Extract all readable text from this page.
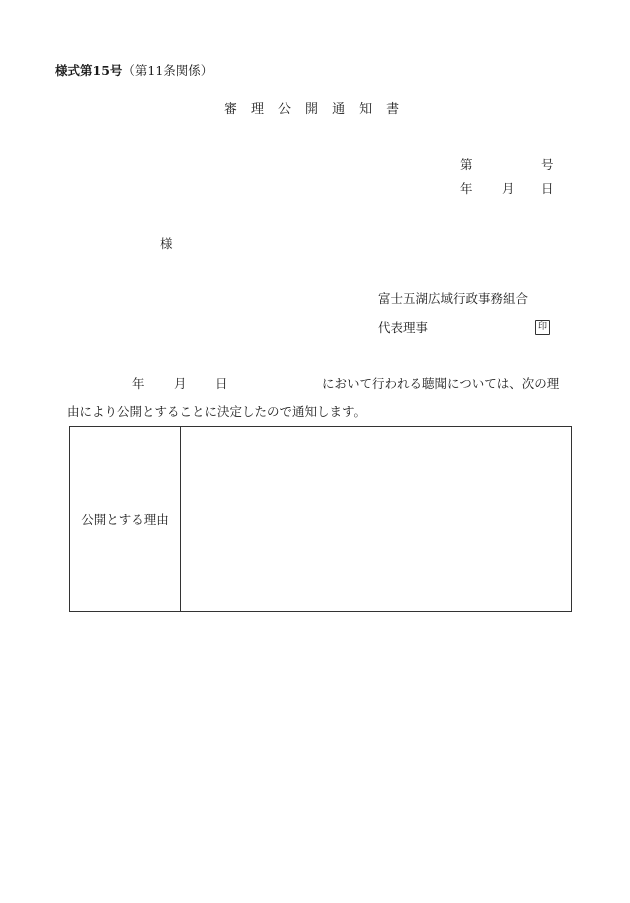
様式第15号（第11条関係）
審 理 公 開 通 知 書
第	号
年 月 日
様
富士五湖広域行政事務組合
代表理事	印
年 月 日	において行われる聴聞については、次の理
由により公開とすることに決定したので通知します。
公開とする理由
